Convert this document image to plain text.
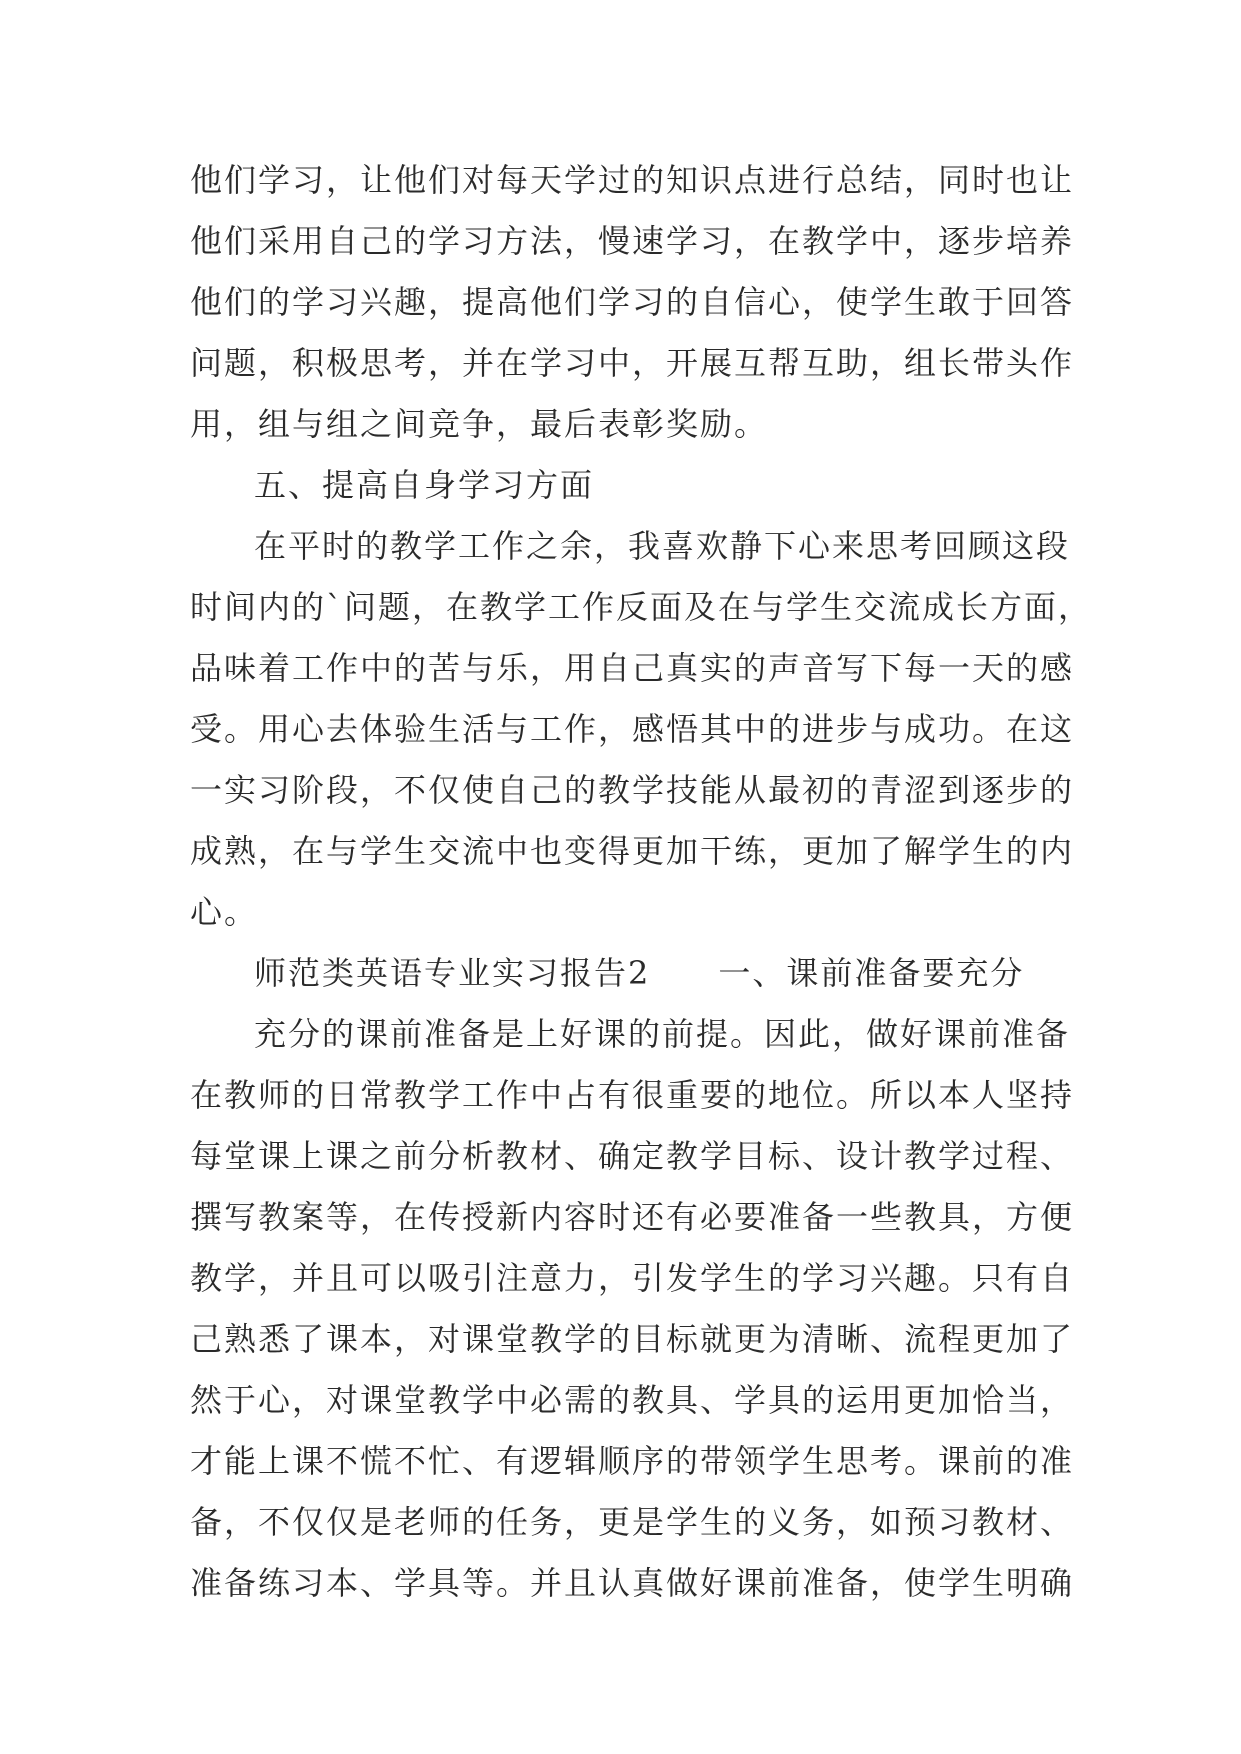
他们学习，让他们对每天学过的知识点进行总结，同时也让
他们采用自己的学习方法，慢速学习，在教学中，逐步培养
他们的学习兴趣，提高他们学习的自信心，使学生敢于回答
问题，积极思考，并在学习中，开展互帮互助，组长带头作
用，组与组之间竞争，最后表彰奖励。
五、提高自身学习方面
在平时的教学工作之余，我喜欢静下心来思考回顾这段
时间内的`问题，在教学工作反面及在与学生交流成长方面，
品味着工作中的苦与乐，用自己真实的声音写下每一天的感
受。用心去体验生活与工作，感悟其中的进步与成功。在这
一实习阶段，不仅使自己的教学技能从最初的青涩到逐步的
成熟，在与学生交流中也变得更加干练，更加了解学生的内
心。
师范类英语专业实习报告2　　一、课前准备要充分
充分的课前准备是上好课的前提。因此，做好课前准备
在教师的日常教学工作中占有很重要的地位。所以本人坚持
每堂课上课之前分析教材、确定教学目标、设计教学过程、
撰写教案等，在传授新内容时还有必要准备一些教具，方便
教学，并且可以吸引注意力，引发学生的学习兴趣。只有自
己熟悉了课本，对课堂教学的目标就更为清晰、流程更加了
然于心，对课堂教学中必需的教具、学具的运用更加恰当，
才能上课不慌不忙、有逻辑顺序的带领学生思考。课前的准
备，不仅仅是老师的任务，更是学生的义务，如预习教材、
准备练习本、学具等。并且认真做好课前准备，使学生明确
